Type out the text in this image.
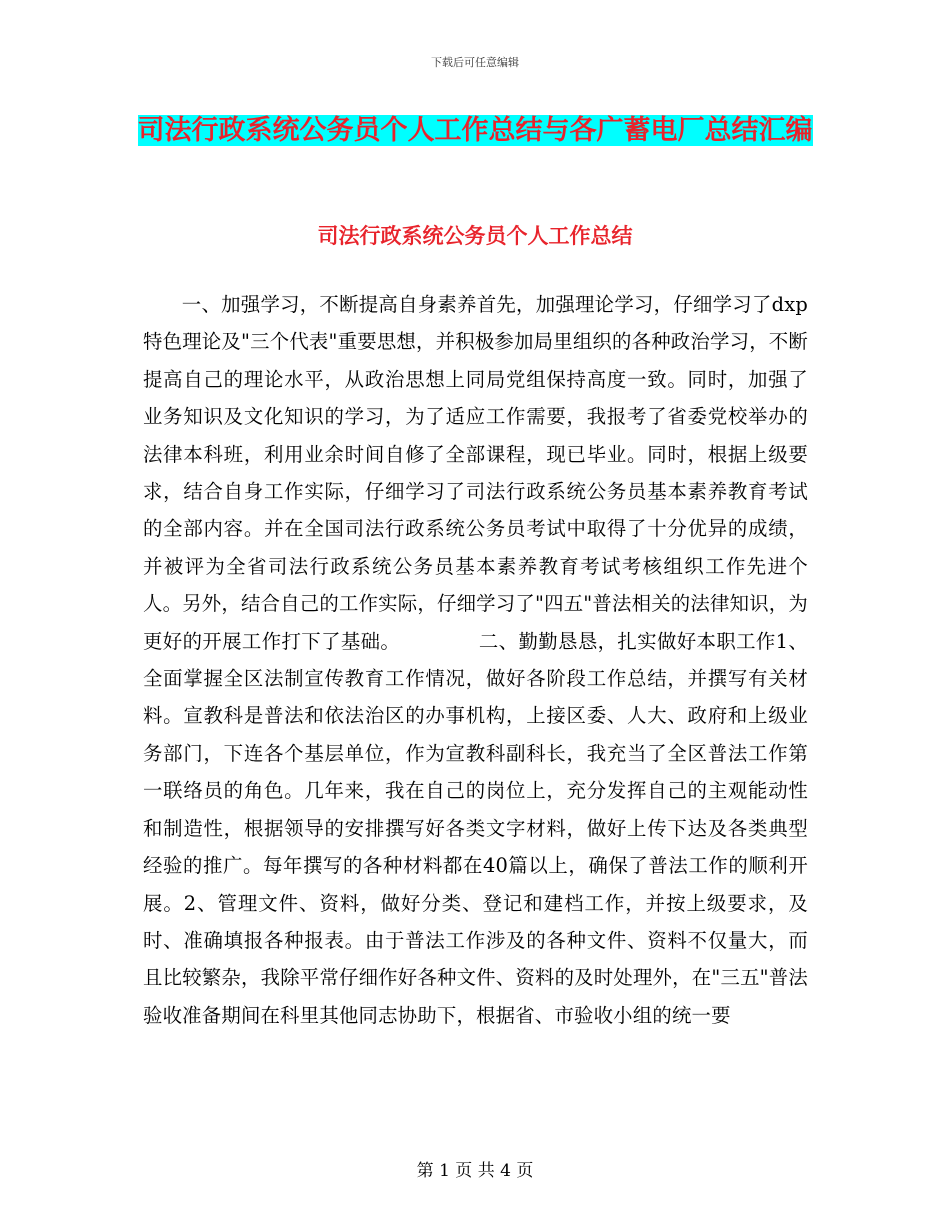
下载后可任意编辑
司法行政系统公务员个人工作总结与各广蓄电厂总结汇编
司法行政系统公务员个人工作总结

一、加强学习，不断提高自身素养首先，加强理论学习，仔细学习了dxp特色理论及"三个代表"重要思想，并积极参加局里组织的各种政治学习，不断提高自己的理论水平，从政治思想上同局党组保持高度一致。同时，加强了业务知识及文化知识的学习，为了适应工作需要，我报考了省委党校举办的法律本科班，利用业余时间自修了全部课程，现已毕业。同时，根据上级要求，结合自身工作实际，仔细学习了司法行政系统公务员基本素养教育考试的全部内容。并在全国司法行政系统公务员考试中取得了十分优异的成绩，并被评为全省司法行政系统公务员基本素养教育考试考核组织工作先进个人。另外，结合自己的工作实际，仔细学习了"四五"普法相关的法律知识，为更好的开展工作打下了基础。            二、勤勤恳恳，扎实做好本职工作1、全面掌握全区法制宣传教育工作情况，做好各阶段工作总结，并撰写有关材料。宣教科是普法和依法治区的办事机构，上接区委、人大、政府和上级业务部门，下连各个基层单位，作为宣教科副科长，我充当了全区普法工作第一联络员的角色。几年来，我在自己的岗位上，充分发挥自己的主观能动性和制造性，根据领导的安排撰写好各类文字材料，做好上传下达及各类典型经验的推广。每年撰写的各种材料都在40篇以上，确保了普法工作的顺利开展。2、管理文件、资料，做好分类、登记和建档工作，并按上级要求，及时、准确填报各种报表。由于普法工作涉及的各种文件、资料不仅量大，而且比较繁杂，我除平常仔细作好各种文件、资料的及时处理外，在"三五"普法验收准备期间在科里其他同志协助下，根据省、市验收小组的统一要

第 1 页 共 4 页
